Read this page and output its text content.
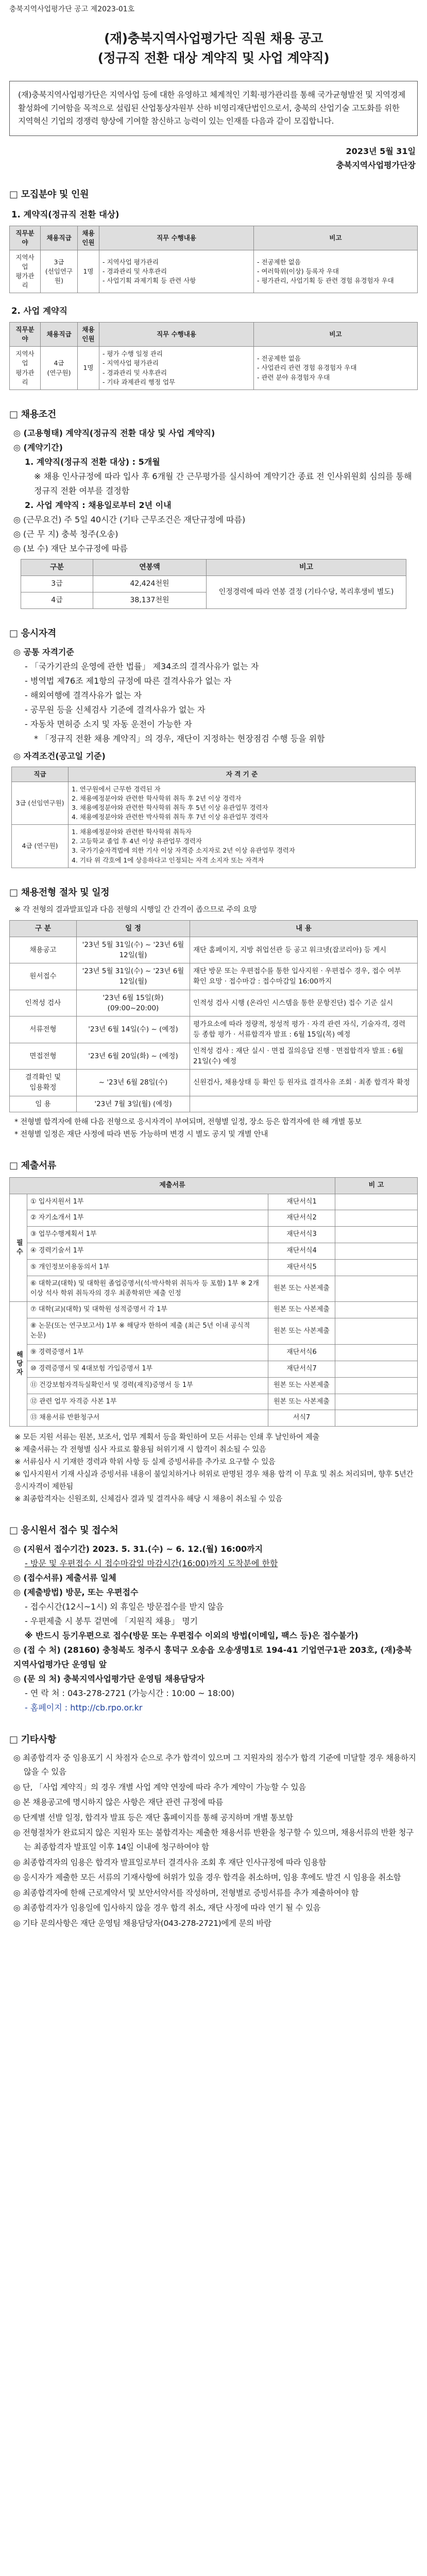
충북지역사업평가단 공고 제2023-01호
(재)충북지역사업평가단 직원 채용 공고
(정규직 전환 대상 계약직 및 사업 계약직)
(재)충북지역사업평가단은 지역사업 등에 대한 유영하고 체계적인 기획·평가관리를 통해 국가균형발전 및 지역경제 활성화에 기여함을 목적으로 설립된 산업통상자원부 산하 비영리재단법인으로서, 충북의 산업기술 고도화를 위한 지역혁신 기업의 경쟁력 향상에 기여할 참신하고 능력이 있는 인재를 다음과 같이 모집합니다.
2023년 5월 31일
충북지역사업평가단장
□ 모집분야 및 인원
1. 계약직(정규직 전환 대상)
직무분야	채용직급	채용인원	직무 수행내용	비고
지역사업 평가관리	3급 (선임연구원)	1명	- 지역사업 평가관리
- 경과관리 및 사후관리
- 사업기획 과제기획 등 관련 사항	- 전공제한 없음
- 여러학위(이상) 등록자 우대
- 평가관리, 사업기획 등 관련 경험 유경험자 우대
2. 사업 계약직
직무분야	채용직급	채용인원	직무 수행내용	비고
지역사업 평가관리	4급 (연구원)	1명	- 평가 수행 일정 관리
- 지역사업 평가관리
- 경과관리 및 사후관리
- 기타 과제관리 행정 업무	- 전공제한 없음
- 사업관리 관련 경험 유경험자 우대
- 관련 분야 유경험자 우대
□ 채용조건
◎ (고용형태) 계약직(정규직 전환 대상 및 사업 계약직)
◎ (계약기간)
1. 계약직(정규직 전환 대상) : 5개월
※ 채용 인사규정에 따라 입사 후 6개월 간 근무평가를 실시하여 계약기간 종료 전 인사위원회 심의를 통해 정규직 전환 여부를 결정함
2. 사업 계약직 : 채용일로부터 2년 이내
◎ (근무요건) 주 5일 40시간 (기타 근무조건은 재단규정에 따름)
◎ (근 무 지) 충북 청주(오송)
◎ (보 수) 재단 보수규정에 따름
구분	연봉액	비고
3급	42,424천원	인정경력에 따라 연봉 결정 (기타수당, 복리후생비 별도)
4급	38,137천원	
□ 응시자격
◎ 공통 자격기준
- 「국가기관의 운영에 관한 법률」 제34조의 결격사유가 없는 자
- 병역법 제76조 제1항의 규정에 따른 결격사유가 없는 자
- 해외여행에 결격사유가 없는 자
- 공무원 등을 신체검사 기준에 결격사유가 없는 자
- 자동차 면허증 소지 및 자동 운전이 가능한 자
* 「정규직 전환 채용 계약직」의 경우, 재단이 지정하는 현장점검 수행 등을 위함
◎ 자격조건(공고일 기준)
직급	자 격 기 준
3급 (선임연구원)	1. 연구원에서 근무한 경력된 자
2. 채용예정분야와 관련한 학사학위 취득 후 2년 이상 경력자
3. 채용예정분야와 관련한 학사학위 취득 후 5년 이상 유관업무 경력자
4. 채용예정분야와 관련한 박사학위 취득 후 7년 이상 유관업무 경력자

4급 (연구원)	1. 채용예정분야와 관련한 학사학위 취득자
2. 고등학교 졸업 후 4년 이상 유관업무 경력자
3. 국가기술자격법에 의한 기사 이상 자격증 소지자로 2년 이상 유관업무 경력자
4. 기타 위 각호에 1에 상응하다고 인정되는 자격 소지자 또는 자격자
□ 채용전형 절차 및 일정
※ 각 전형의 결과발표일과 다음 전형의 시행일 간 간격이 좁으므로 주의 요망
구 분	일 정	내 용
채용공고	'23년 5월 31일(수) ~ '23년 6월 12일(월)	재단 홈페이지, 지방 취업선관 등 공고 워크넷(잡코리아) 등 게시
원서접수	'23년 5월 31일(수) ~ '23년 6월 12일(월)	재단 방문 또는 우편접수를 통한 입사지원 · 우편접수 경우, 접수 여부 확인 요망 · 접수마감 : 접수마감일 16:00까지
인적성 검사	'23년 6월 15일(화) (09:00~20:00)	인적성 검사 시행 (온라인 시스템을 통한 문항진단) 접수 기준 실시
서류전형	'23년 6월 14일(수) ~ (예정)	평가요소에 따라 정량적, 정성적 평가 · 자격 관련 자식, 기술자격, 경력 등 종합 평가 · 서류합격자 발표 : 6월 15일(목) 예정
면접전형	'23년 6월 20일(화) ~ (예정)	인적성 검사 : 재단 실시 · 면접 질의응답 진행 · 면접합격자 발표 : 6월 21일(수) 예정
결격확인 및 임용확정	~ '23년 6월 28일(수)	신원검사, 채용상태 등 확인 등 원자료 결격사유 조회 · 최종 합격자 확정
임 용	'23년 7월 3일(월) (예정)	
* 전형별 합격자에 한해 다음 전형으로 응시자격이 부여되며, 전형별 일정, 장소 등은 합격자에 한 해 개별 통보
* 전형별 일정은 재단 사정에 따라 변동 가능하며 변경 시 별도 공지 및 개별 안내
□ 제출서류
제출서류			비 고
필수	① 입사지원서 1부	재단서식1	
	② 자기소개서 1부	재단서식2	
	③ 업무수행계획서 1부	재단서식3	
	④ 경력기술서 1부	재단서식4	
	⑤ 개인정보이용동의서 1부	재단서식5	
	⑥ 대학교(대학) 및 대학원 졸업증명서(석·박사학위 취득자 등 포함) 1부 ※ 2개 이상 석사 학위 취득자의 경우 최종학위만 제출 인정	원본 또는 사본제출	
해당자	⑦ 대학(교)(대학) 및 대학원 성적증명서 각 1부	원본 또는 사본제출	
	⑧ 논문(또는 연구보고서) 1부 ※ 해당자 한하여 제출 (최근 5년 이내 공식적 논문)	원본 또는 사본제출	
	⑨ 경력증명서 1부	재단서식6	
	⑩ 경력증명서 및 4대보험 가입증명서 1부	재단서식7	
	⑪ 건강보험자격득실확인서 및 경력(재직)증명서 등 1부	원본 또는 사본제출	
	⑫ 관련 업무 자격증 사본 1부	원본 또는 사본제출	
	⑬ 채용서류 반환청구서	서식7	
※ 모든 지원 서류는 원본, 보조서, 업무 계획서 등을 확인하여 모든 서류는 인쇄 후 날인하여 제출
※ 제출서류는 각 전형별 심사 자료로 활용됨 허위기재 시 합격이 취소될 수 있음
※ 서류심사 시 기재한 경력과 학위 사항 등 실제 증빙서류를 추가로 요구할 수 있음
※ 입사지원서 기재 사실과 증빙서류 내용이 불일치하거나 허위로 판명된 경우 채용 합격 이 무효 및 취소 처리되며, 향후 5년간 응시자격이 제한됨
※ 최종합격자는 신원조회, 신체검사 결과 및 결격사유 해당 시 채용이 취소될 수 있음
□ 응시원서 접수 및 접수처
◎ (지원서 접수기간) 2023. 5. 31.(수) ~ 6. 12.(월) 16:00까지
- 방문 및 우편접수 시 접수마감일 마감시간(16:00)까지 도착분에 한함
◎ (접수서류) 제출서류 일체
◎ (제출방법) 방문, 또는 우편접수
- 접수시간(12시~1시) 외 휴일은 방문접수를 받지 않음
- 우편제출 시 봉투 겉면에 「지원직 채용」 명기
※ 반드시 등기우편으로 접수(방문 또는 우편접수 이외의 방법(이메일, 팩스 등)은 접수불가)
◎ (접 수 처) (28160) 충청북도 청주시 흥덕구 오송읍 오송생명1로 194-41 기업연구1관 203호, (재)충북지역사업평가단 운영팀 앞
◎ (문 의 처) 충북지역사업평가단 운영팀 채용담당자
- 연 락 처 : 043-278-2721 (가능시간 : 10:00 ~ 18:00)
- 홈페이지 : http://cb.rpo.or.kr
□ 기타사항
◎ 최종합격자 중 임용포기 시 차점자 순으로 추가 합격이 있으며 그 지원자의 점수가 합격 기준에 미달할 경우 채용하지 않을 수 있음
◎ 단, 「사업 계약직」의 경우 개별 사업 계약 연장에 따라 추가 계약이 가능할 수 있음
◎ 본 채용공고에 명시하지 않은 사항은 재단 관련 규정에 따름
◎ 단계별 선발 일정, 합격자 발표 등은 재단 홈페이지를 통해 공지하며 개별 통보함
◎ 전형절차가 완료되지 않은 지원자 또는 불합격자는 제출한 채용서류 반환을 청구할 수 있으며, 채용서류의 반환 청구는 최종합격자 발표일 이후 14일 이내에 청구하여야 함
◎ 최종합격자의 임용은 합격자 발표일로부터 결격사유 조회 후 재단 인사규정에 따라 임용함
◎ 응시자가 제출한 모든 서류의 기재사항에 허위가 있을 경우 합격을 취소하며, 임용 후에도 발견 시 임용을 취소함
◎ 최종합격자에 한해 근로계약서 및 보안서약서를 작성하며, 전형별로 증빙서류를 추가 제출하여야 함
◎ 최종합격자가 임용일에 입사하지 않을 경우 합격 취소, 재단 사정에 따라 연기 될 수 있음
◎ 기타 문의사항은 재단 운영팀 채용담당자(043-278-2721)에게 문의 바람
